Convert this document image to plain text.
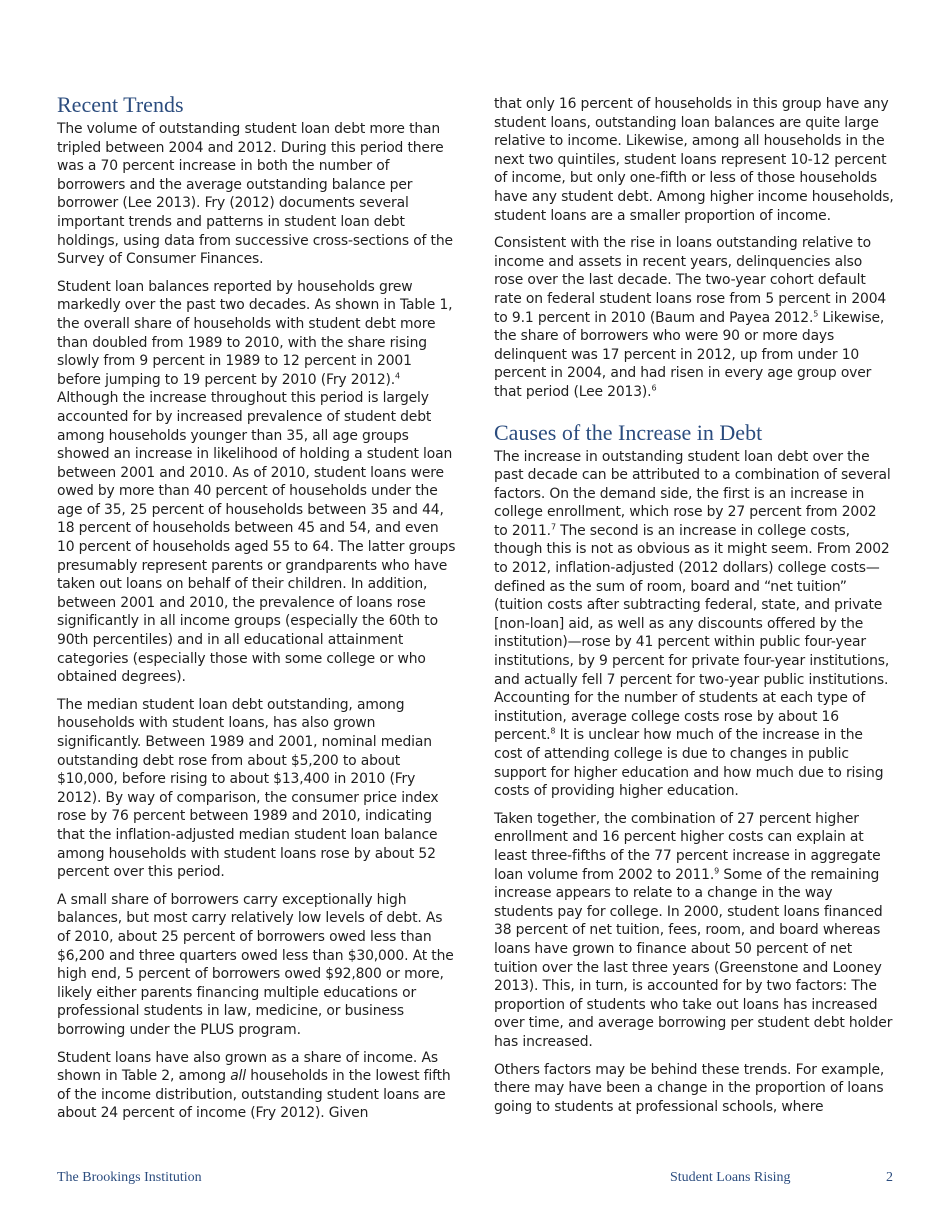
Recent Trends

The volume of outstanding student loan debt more than tripled between 2004 and 2012. During this period there was a 70 percent increase in both the number of borrowers and the average outstanding balance per borrower (Lee 2013). Fry (2012) documents several important trends and patterns in student loan debt holdings, using data from successive cross-sections of the Survey of Consumer Finances.

Student loan balances reported by households grew markedly over the past two decades. As shown in Table 1, the overall share of households with student debt more than doubled from 1989 to 2010, with the share rising slowly from 9 percent in 1989 to 12 percent in 2001 before jumping to 19 percent by 2010 (Fry 2012).$^4$ Although the increase throughout this period is largely accounted for by increased prevalence of student debt among households younger than 35, all age groups showed an increase in likelihood of holding a student loan between 2001 and 2010. As of 2010, student loans were owed by more than 40 percent of households under the age of 35, 25 percent of households between 35 and 44, 18 percent of households between 45 and 54, and even 10 percent of households aged 55 to 64. The latter groups presumably represent parents or grandparents who have taken out loans on behalf of their children. In addition, between 2001 and 2010, the prevalence of loans rose significantly in all income groups (especially the 60th to 90th percentiles) and in all educational attainment categories (especially those with some college or who obtained degrees).

The median student loan debt outstanding, among households with student loans, has also grown significantly. Between 1989 and 2001, nominal median outstanding debt rose from about $5,200 to about $10,000, before rising to about $13,400 in 2010 (Fry 2012). By way of comparison, the consumer price index rose by 76 percent between 1989 and 2010, indicating that the inflation-adjusted median student loan balance among households with student loans rose by about 52 percent over this period.

A small share of borrowers carry exceptionally high balances, but most carry relatively low levels of debt. As of 2010, about 25 percent of borrowers owed less than $6,200 and three quarters owed less than $30,000. At the high end, 5 percent of borrowers owed $92,800 or more, likely either parents financing multiple educations or professional students in law, medicine, or business borrowing under the PLUS program.

Student loans have also grown as a share of income. As shown in Table 2, among all households in the lowest fifth of the income distribution, outstanding student loans are about 24 percent of income (Fry 2012). Given

that only 16 percent of households in this group have any student loans, outstanding loan balances are quite large relative to income. Likewise, among all households in the next two quintiles, student loans represent 10-12 percent of income, but only one-fifth or less of those households have any student debt. Among higher income households, student loans are a smaller proportion of income.

Consistent with the rise in loans outstanding relative to income and assets in recent years, delinquencies also rose over the last decade. The two-year cohort default rate on federal student loans rose from 5 percent in 2004 to 9.1 percent in 2010 (Baum and Payea 2012.$^5$ Likewise, the share of borrowers who were 90 or more days delinquent was 17 percent in 2012, up from under 10 percent in 2004, and had risen in every age group over that period (Lee 2013).$^6$

Causes of the Increase in Debt

The increase in outstanding student loan debt over the past decade can be attributed to a combination of several factors. On the demand side, the first is an increase in college enrollment, which rose by 27 percent from 2002 to 2011.$^7$ The second is an increase in college costs, though this is not as obvious as it might seem. From 2002 to 2012, inflation-adjusted (2012 dollars) college costs—defined as the sum of room, board and “net tuition” (tuition costs after subtracting federal, state, and private [non-loan] aid, as well as any discounts offered by the institution)—rose by 41 percent within public four-year institutions, by 9 percent for private four-year institutions, and actually fell 7 percent for two-year public institutions. Accounting for the number of students at each type of institution, average college costs rose by about 16 percent.$^8$ It is unclear how much of the increase in the cost of attending college is due to changes in public support for higher education and how much due to rising costs of providing higher education.

Taken together, the combination of 27 percent higher enrollment and 16 percent higher costs can explain at least three-fifths of the 77 percent increase in aggregate loan volume from 2002 to 2011.$^9$ Some of the remaining increase appears to relate to a change in the way students pay for college. In 2000, student loans financed 38 percent of net tuition, fees, room, and board whereas loans have grown to finance about 50 percent of net tuition over the last three years (Greenstone and Looney 2013). This, in turn, is accounted for by two factors: The proportion of students who take out loans has increased over time, and average borrowing per student debt holder has increased.

Others factors may be behind these trends. For example, there may have been a change in the proportion of loans going to students at professional schools, where

The Brookings Institution	Student Loans Rising	2
